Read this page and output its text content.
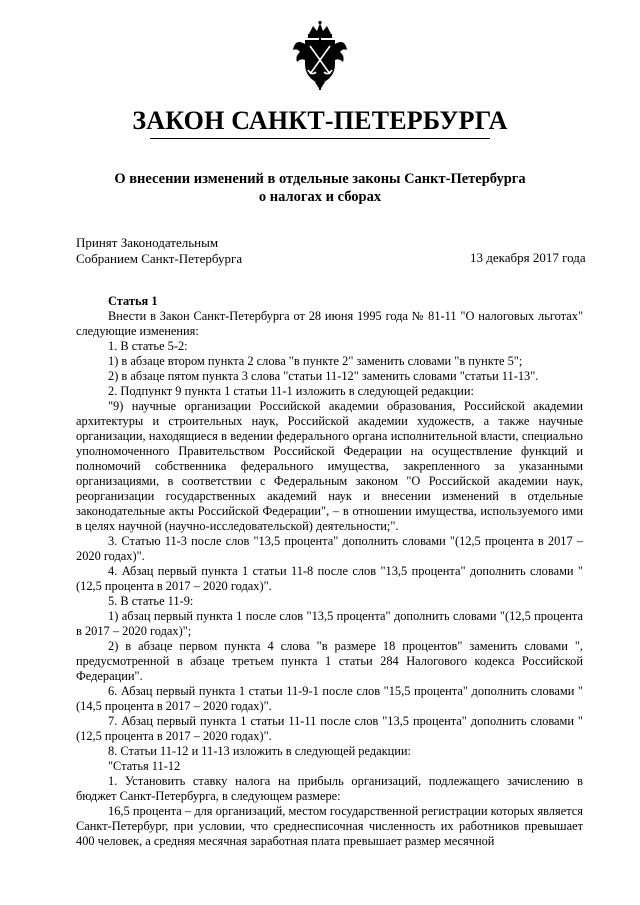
ЗАКОН САНКТ-ПЕТЕРБУРГА
О внесении изменений в отдельные законы Санкт-Петербурга
о налогах и сборах
Принят Законодательным
Собранием Санкт-Петербурга	13 декабря 2017 года

Статья 1

Внести в Закон Санкт-Петербурга от 28 июня 1995 года № 81-11 "О налоговых льготах" следующие изменения:

1. В статье 5-2:

1) в абзаце втором пункта 2 слова "в пункте 2" заменить словами "в пункте 5";

2) в абзаце пятом пункта 3 слова "статьи 11-12" заменить словами "статьи 11-13".

2. Подпункт 9 пункта 1 статьи 11-1 изложить в следующей редакции:

"9) научные организации Российской академии образования, Российской академии архитектуры и строительных наук, Российской академии художеств, а также научные организации, находящиеся в ведении федерального органа исполнительной власти, специально уполномоченного Правительством Российской Федерации на осуществление функций и полномочий собственника федерального имущества, закрепленного за указанными организациями, в соответствии с Федеральным законом "О Российской академии наук, реорганизации государственных академий наук и внесении изменений в отдельные законодательные акты Российской Федерации", – в отношении имущества, используемого ими в целях научной (научно-исследовательской) деятельности;".

3. Статью 11-3 после слов "13,5 процента" дополнить словами "(12,5 процента в 2017 – 2020 годах)".

4. Абзац первый пункта 1 статьи 11-8 после слов "13,5 процента" дополнить словами "(12,5 процента в 2017 – 2020 годах)".

5. В статье 11-9:

1) абзац первый пункта 1 после слов "13,5 процента" дополнить словами "(12,5 процента в 2017 – 2020 годах)";

2) в абзаце первом пункта 4 слова "в размере 18 процентов" заменить словами ", предусмотренной в абзаце третьем пункта 1 статьи 284 Налогового кодекса Российской Федерации".

6. Абзац первый пункта 1 статьи 11-9-1 после слов "15,5 процента" дополнить словами "(14,5 процента в 2017 – 2020 годах)".

7. Абзац первый пункта 1 статьи 11-11 после слов "13,5 процента" дополнить словами "(12,5 процента в 2017 – 2020 годах)".

8. Статьи 11-12 и 11-13 изложить в следующей редакции:

"Статья 11-12

1. Установить ставку налога на прибыль организаций, подлежащего зачислению в бюджет Санкт-Петербурга, в следующем размере:

16,5 процента – для организаций, местом государственной регистрации которых является Санкт-Петербург, при условии, что среднесписочная численность их работников превышает 400 человек, а средняя месячная заработная плата превышает размер месячной
